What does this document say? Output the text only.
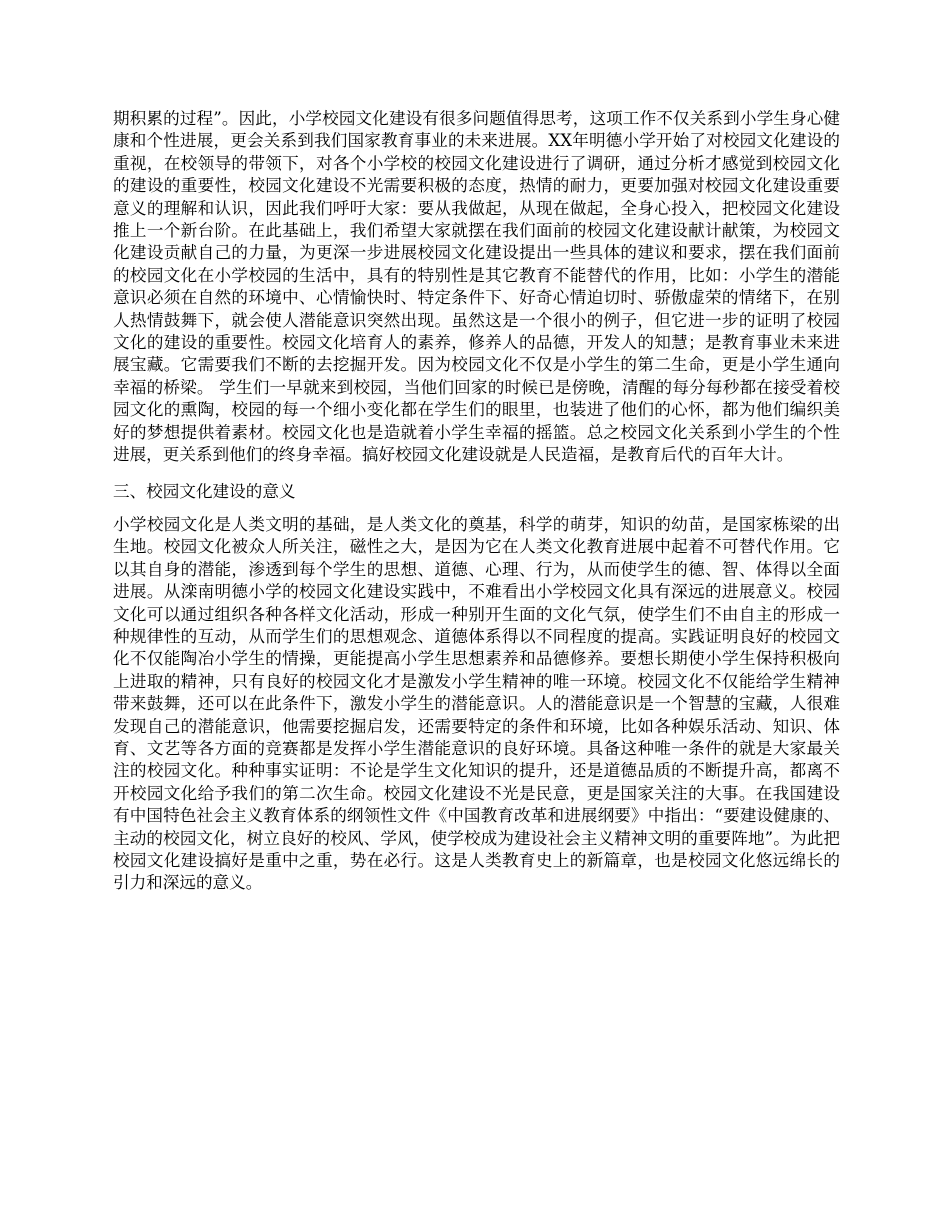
期积累的过程”。因此，小学校园文化建设有很多问题值得思考，这项工作不仅关系到小学生身心健康和个性进展，更会关系到我们国家教育事业的未来进展。XX年明德小学开始了对校园文化建设的重视，在校领导的带领下，对各个小学校的校园文化建设进行了调研，通过分析才感觉到校园文化的建设的重要性，校园文化建设不光需要积极的态度，热情的耐力，更要加强对校园文化建设重要意义的理解和认识，因此我们呼吁大家：要从我做起，从现在做起，全身心投入，把校园文化建设推上一个新台阶。在此基础上，我们希望大家就摆在我们面前的校园文化建设献计献策，为校园文化建设贡献自己的力量，为更深一步进展校园文化建设提出一些具体的建议和要求，摆在我们面前的校园文化在小学校园的生活中，具有的特别性是其它教育不能替代的作用，比如：小学生的潜能意识必须在自然的环境中、心情愉快时、特定条件下、好奇心情迫切时、骄傲虚荣的情绪下，在别人热情鼓舞下，就会使人潜能意识突然出现。虽然这是一个很小的例子，但它进一步的证明了校园文化的建设的重要性。校园文化培育人的素养，修养人的品德，开发人的知慧；是教育事业未来进展宝藏。它需要我们不断的去挖掘开发。因为校园文化不仅是小学生的第二生命，更是小学生通向幸福的桥梁。 学生们一早就来到校园，当他们回家的时候已是傍晚，清醒的每分每秒都在接受着校园文化的熏陶，校园的每一个细小变化都在学生们的眼里，也装进了他们的心怀，都为他们编织美好的梦想提供着素材。校园文化也是造就着小学生幸福的摇篮。总之校园文化关系到小学生的个性进展，更关系到他们的终身幸福。搞好校园文化建设就是人民造福，是教育后代的百年大计。

三、校园文化建设的意义

小学校园文化是人类文明的基础，是人类文化的奠基，科学的萌芽，知识的幼苗，是国家栋梁的出生地。校园文化被众人所关注，磁性之大，是因为它在人类文化教育进展中起着不可替代作用。它以其自身的潜能，渗透到每个学生的思想、道德、心理、行为，从而使学生的德、智、体得以全面进展。从滦南明德小学的校园文化建设实践中，不难看出小学校园文化具有深远的进展意义。校园文化可以通过组织各种各样文化活动，形成一种别开生面的文化气氛，使学生们不由自主的形成一种规律性的互动，从而学生们的思想观念、道德体系得以不同程度的提高。实践证明良好的校园文化不仅能陶冶小学生的情操，更能提高小学生思想素养和品德修养。要想长期使小学生保持积极向上进取的精神，只有良好的校园文化才是激发小学生精神的唯一环境。校园文化不仅能给学生精神带来鼓舞，还可以在此条件下，激发小学生的潜能意识。人的潜能意识是一个智慧的宝藏，人很难发现自己的潜能意识，他需要挖掘启发，还需要特定的条件和环境，比如各种娱乐活动、知识、体育、文艺等各方面的竞赛都是发挥小学生潜能意识的良好环境。具备这种唯一条件的就是大家最关注的校园文化。种种事实证明：不论是学生文化知识的提升，还是道德品质的不断提升高，都离不开校园文化给予我们的第二次生命。校园文化建设不光是民意，更是国家关注的大事。在我国建设有中国特色社会主义教育体系的纲领性文件《中国教育改革和进展纲要》中指出：“要建设健康的、主动的校园文化，树立良好的校风、学风，使学校成为建设社会主义精神文明的重要阵地”。为此把校园文化建设搞好是重中之重，势在必行。这是人类教育史上的新篇章，也是校园文化悠远绵长的引力和深远的意义。
